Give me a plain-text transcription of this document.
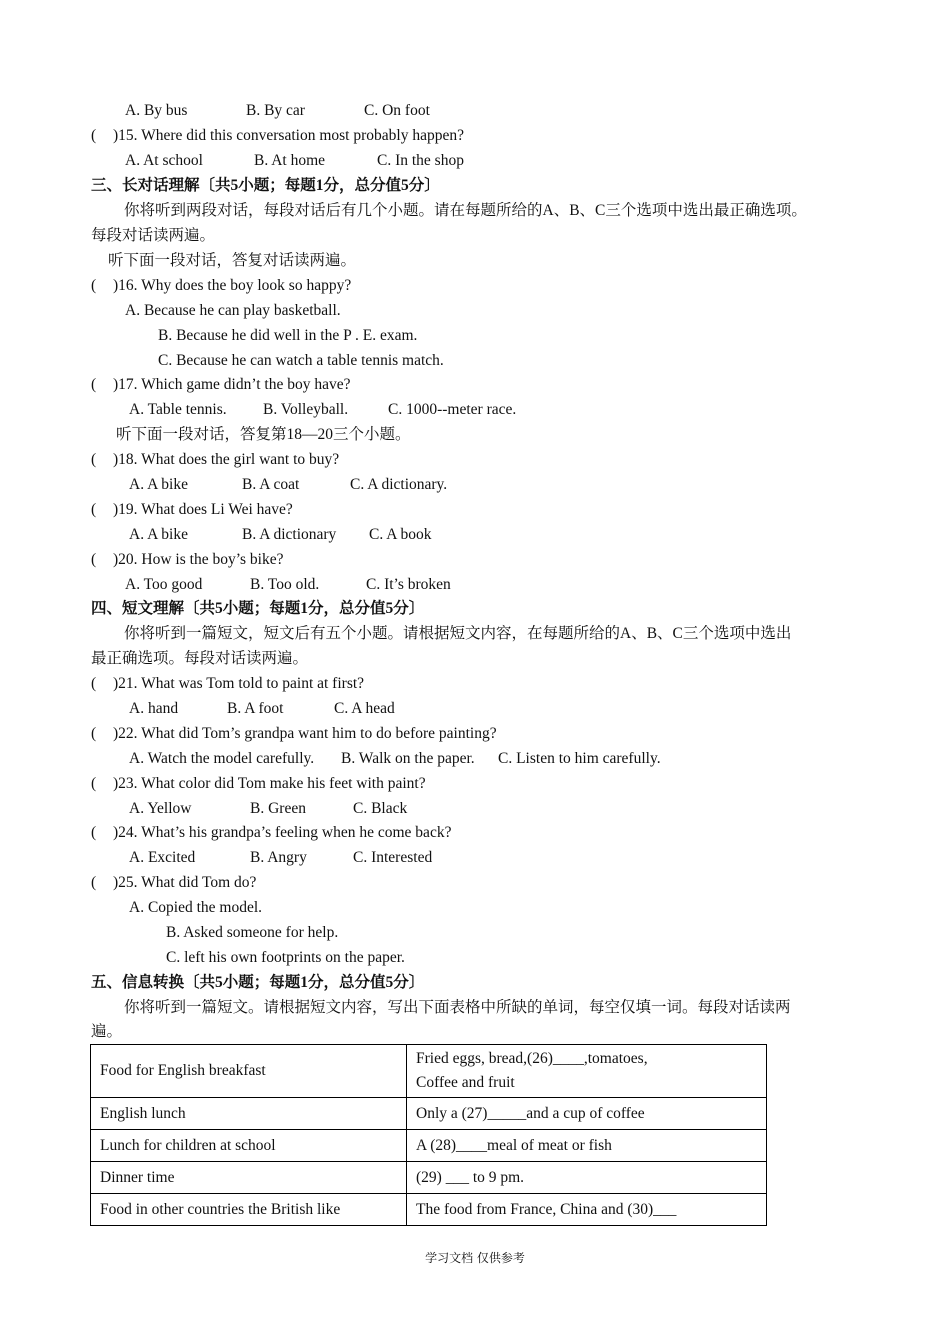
A. By bus	B. By car	C. On foot
( )15. Where did this conversation most probably happen?
A. At school	B. At home	C. In the shop
三、长对话理解〔共5小题；每题1分，总分值5分〕
你将听到两段对话，每段对话后有几个小题。请在每题所给的A、B、C三个选项中选出最正确选项。
每段对话读两遍。
听下面一段对话，答复对话读两遍。
( )16. Why does the boy look so happy?
A. Because he can play basketball.
B. Because he did well in the P . E. exam.
C. Because he can watch a table tennis match.
( )17. Which game didn’t the boy have?
A. Table tennis. B. Volleyball.	C. 1000--meter race.
听下面一段对话，答复第18—20三个小题。
( )18. What does the girl want to buy?
A. A bike	B. A coat	C. A dictionary.
( )19. What does Li Wei have?
A. A bike	B. A dictionary C. A book
( )20. How is the boy’s bike?
A. Too good	B. Too old.	C. It’s broken
四、短文理解〔共5小题；每题1分，总分值5分〕
你将听到一篇短文，短文后有五个小题。请根据短文内容，在每题所给的A、B、C三个选项中选出
最正确选项。每段对话读两遍。
( )21. What was Tom told to paint at first?
A. hand	B. A foot	C. A head
( )22. What did Tom’s grandpa want him to do before painting?
A. Watch the model carefully. B. Walk on the paper. C. Listen to him carefully.
( )23. What color did Tom make his feet with paint?
A. Yellow	B. Green	C. Black
( )24. What’s his grandpa’s feeling when he come back?
A. Excited	B. Angry	C. Interested
( )25. What did Tom do?
A. Copied the model.
B. Asked someone for help.
C. left his own footprints on the paper.
五、信息转换〔共5小题；每题1分，总分值5分〕
你将听到一篇短文。请根据短文内容，写出下面表格中所缺的单词，每空仅填一词。每段对话读两
遍。
Food for English breakfast	Fried eggs, bread,(26)____,tomatoes,
Coffee and fruit

English lunch	Only a (27)_____and a cup of coffee
Lunch for children at school	A (28)____meal of meat or fish
Dinner time	(29) ___ to 9 pm.
Food in other countries the British like	The food from France, China and (30)___
学习文档 仅供参考
